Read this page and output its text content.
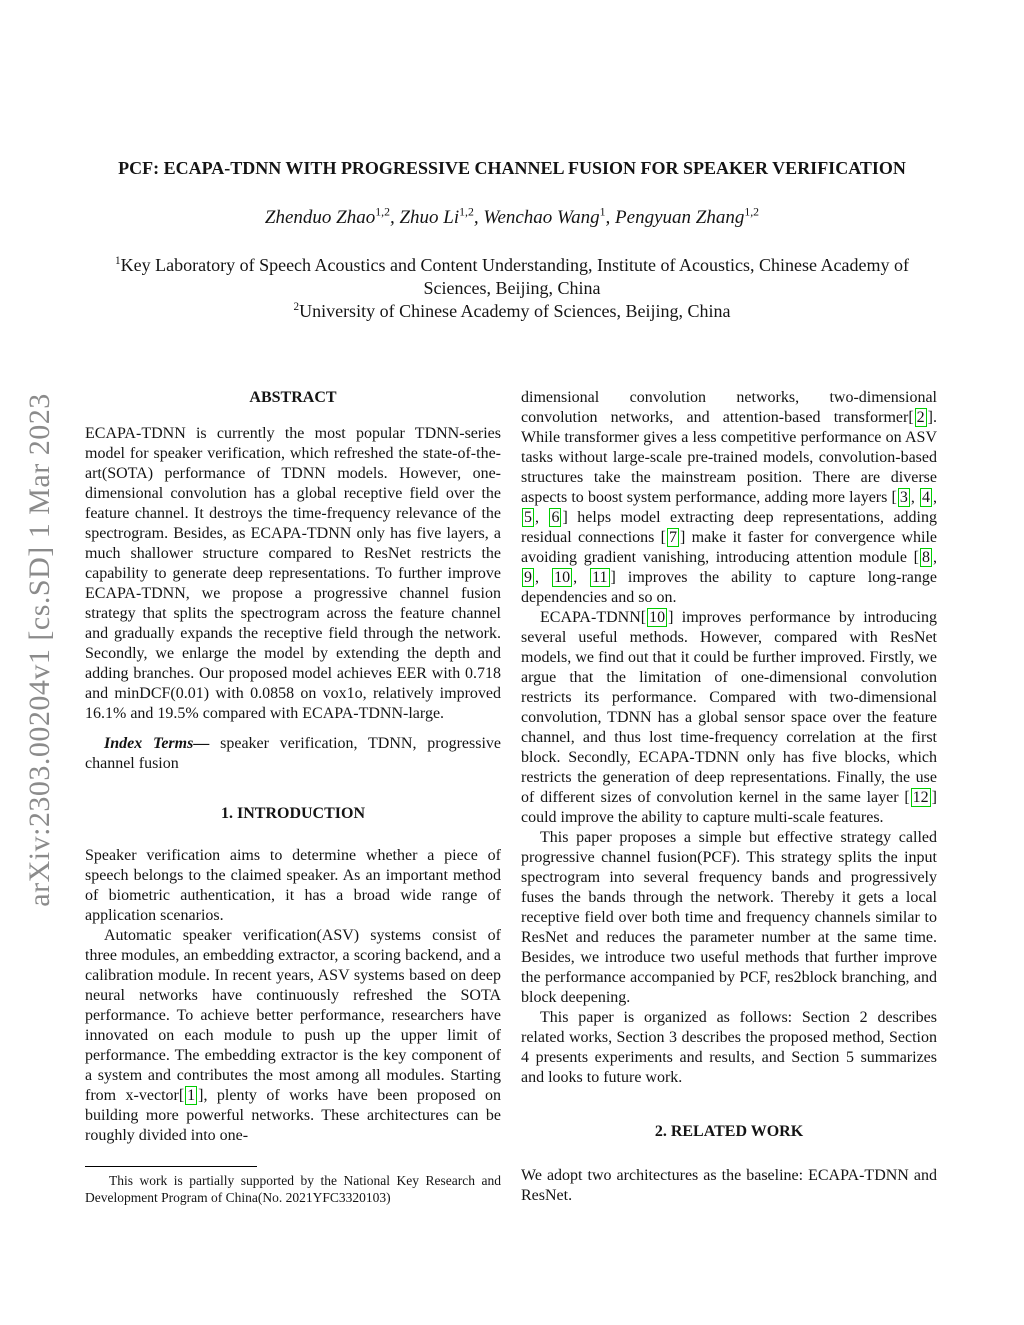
arXiv:2303.00204v1 [cs.SD] 1 Mar 2023
PCF: ECAPA-TDNN WITH PROGRESSIVE CHANNEL FUSION FOR SPEAKER VERIFICATION
Zhenduo Zhao$^{1,2}$, Zhuo Li$^{1,2}$, Wenchao Wang$^1$, Pengyuan Zhang$^{1,2}$
$^1$Key Laboratory of Speech Acoustics and Content Understanding, Institute of Acoustics, Chinese Academy of Sciences, Beijing, China
$^2$University of Chinese Academy of Sciences, Beijing, China
ABSTRACT

ECAPA-TDNN is currently the most popular TDNN-series model for speaker verification, which refreshed the state-of-the-art(SOTA) performance of TDNN models. However, one-dimensional convolution has a global receptive field over the feature channel. It destroys the time-frequency relevance of the spectrogram. Besides, as ECAPA-TDNN only has five layers, a much shallower structure compared to ResNet restricts the capability to generate deep representations. To further improve ECAPA-TDNN, we propose a progressive channel fusion strategy that splits the spectrogram across the feature channel and gradually expands the receptive field through the network. Secondly, we enlarge the model by extending the depth and adding branches. Our proposed model achieves EER with 0.718 and minDCF(0.01) with 0.0858 on vox1o, relatively improved 16.1% and 19.5% compared with ECAPA-TDNN-large.

Index Terms— speaker verification, TDNN, progressive channel fusion

1. INTRODUCTION

Speaker verification aims to determine whether a piece of speech belongs to the claimed speaker. As an important method of biometric authentication, it has a broad wide range of application scenarios.

Automatic speaker verification(ASV) systems consist of three modules, an embedding extractor, a scoring backend, and a calibration module. In recent years, ASV systems based on deep neural networks have continuously refreshed the SOTA performance. To achieve better performance, researchers have innovated on each module to push up the upper limit of performance. The embedding extractor is the key component of a system and contributes the most among all modules. Starting from x-vector[ 1 ], plenty of works have been proposed on building more powerful networks. These architectures can be roughly divided into one-

dimensional convolution networks, two-dimensional convolution networks, and attention-based transformer[ 2 ]. While transformer gives a less competitive performance on ASV tasks without large-scale pre-trained models, convolution-based structures take the mainstream position. There are diverse aspects to boost system performance, adding more layers [ 3 , 4 , 5 , 6 ] helps model extracting deep representations, adding residual connections [ 7 ] make it faster for convergence while avoiding gradient vanishing, introducing attention module [ 8 , 9 , 10 , 11 ] improves the ability to capture long-range dependencies and so on.

ECAPA-TDNN[ 10 ] improves performance by introducing several useful methods. However, compared with ResNet models, we find out that it could be further improved. Firstly, we argue that the limitation of one-dimensional convolution restricts its performance. Compared with two-dimensional convolution, TDNN has a global sensor space over the feature channel, and thus lost time-frequency correlation at the first block. Secondly, ECAPA-TDNN only has five blocks, which restricts the generation of deep representations. Finally, the use of different sizes of convolution kernel in the same layer [ 12 ] could improve the ability to capture multi-scale features.

This paper proposes a simple but effective strategy called progressive channel fusion(PCF). This strategy splits the input spectrogram into several frequency bands and progressively fuses the bands through the network. Thereby it gets a local receptive field over both time and frequency channels similar to ResNet and reduces the parameter number at the same time. Besides, we introduce two useful methods that further improve the performance accompanied by PCF, res2block branching, and block deepening.

This paper is organized as follows: Section 2 describes related works, Section 3 describes the proposed method, Section 4 presents experiments and results, and Section 5 summarizes and looks to future work.

2. RELATED WORK

We adopt two architectures as the baseline: ECAPA-TDNN and ResNet.

This work is partially supported by the National Key Research and Development Program of China(No. 2021YFC3320103)
